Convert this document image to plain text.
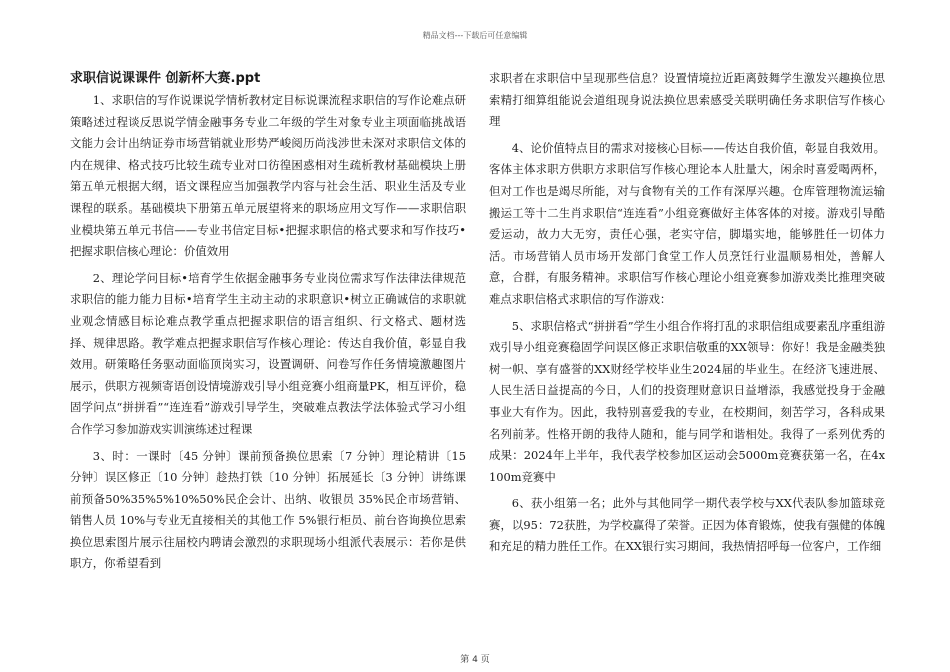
精品文档---下载后可任意编辑

求职信说课课件 创新杯大赛.ppt

1、求职信的写作说课说学情析教材定目标说课流程求职信的写作论难点研策略述过程谈反思说学情金融事务专业二年级的学生对象专业主项面临挑战语文能力会计出纳证券市场营销就业形势严峻阅历尚浅涉世未深对求职信文体的内在规律、格式技巧比较生疏专业对口彷徨困惑相对生疏析教材基础模块上册第五单元根据大纲，语文课程应当加强教学内容与社会生活、职业生活及专业课程的联系。基础模块下册第五单元展望将来的职场应用文写作——求职信职业模块第五单元书信——专业书信定目标•把握求职信的格式要求和写作技巧•把握求职信核心理论：价值效用

2、理论学问目标•培育学生依据金融事务专业岗位需求写作法律法律规范求职信的能力能力目标•培育学生主动主动的求职意识•树立正确诚信的求职就业观念情感目标论难点教学重点把握求职信的语言组织、行文格式、题材选择、规律思路。教学难点把握求职信写作核心理论：传达自我价值，彰显自我效用。研策略任务驱动面临顶岗实习，设置调研、问卷写作任务情境激趣图片展示，供职方视频寄语创设情境游戏引导小组竞赛小组商量PK，相互评价，稳固学问点“拼拼看”“连连看”游戏引导学生，突破难点教法学法体验式学习小组合作学习参加游戏实训演练述过程课

3、时：一课时〔45 分钟〕课前预备换位思索〔7 分钟〕理论精讲〔15 分钟〕误区修正〔10 分钟〕趁热打铁〔10 分钟〕拓展延长〔3 分钟〕讲练课前预备50%35%5%10%50%民企会计、出纳、收银员 35%民企市场营销、销售人员 10%与专业无直接相关的其他工作 5%银行柜员、前台咨询换位思索换位思索图片展示往届校内聘请会激烈的求职现场小组派代表展示：若你是供职方，你希望看到

求职者在求职信中呈现那些信息？设置情境拉近距离鼓舞学生激发兴趣换位思索精打细算组能说会道组现身说法换位思索感受关联明确任务求职信写作核心理

4、论价值特点目的需求对接核心目标——传达自我价值，彰显自我效用。客体主体求职方供职方求职信写作核心理论本人肚量大，闲余时喜爱喝两杯，但对工作也是竭尽所能，对与食物有关的工作有深厚兴趣。仓库管理物流运输搬运工等十二生肖求职信“连连看”小组竞赛做好主体客体的对接。游戏引导酷爱运动，故力大无穷，责任心强，老实守信，脚塌实地，能够胜任一切体力活。市场营销人员市场开发部门食堂工作人员烹饪行业温顺易相处，善解人意，合群，有服务精神。求职信写作核心理论小组竞赛参加游戏类比推理突破难点求职信格式求职信的写作游戏：

5、求职信格式“拼拼看”学生小组合作将打乱的求职信组成要素乱序重组游戏引导小组竞赛稳固学问误区修正求职信敬重的XX领导：你好！我是金融类独树一帜、享有盛誉的XX财经学校毕业生2024届的毕业生。在经济飞速进展、人民生活日益提高的今日，人们的投资理财意识日益增添，我感觉投身于金融事业大有作为。因此，我特别喜爱我的专业，在校期间，刻苦学习，各科成果名列前茅。性格开朗的我待人随和，能与同学和谐相处。我得了一系列优秀的成果：2024年上半年，我代表学校参加区运动会5000m竞赛获第一名，在4x100m竞赛中

6、获小组第一名；此外与其他同学一期代表学校与XX代表队参加篮球竞赛，以95：72获胜，为学校赢得了荣誉。正因为体育锻炼，使我有强健的体魄和充足的精力胜任工作。在XX银行实习期间，我热情招呼每一位客户，工作细

第 4 页
